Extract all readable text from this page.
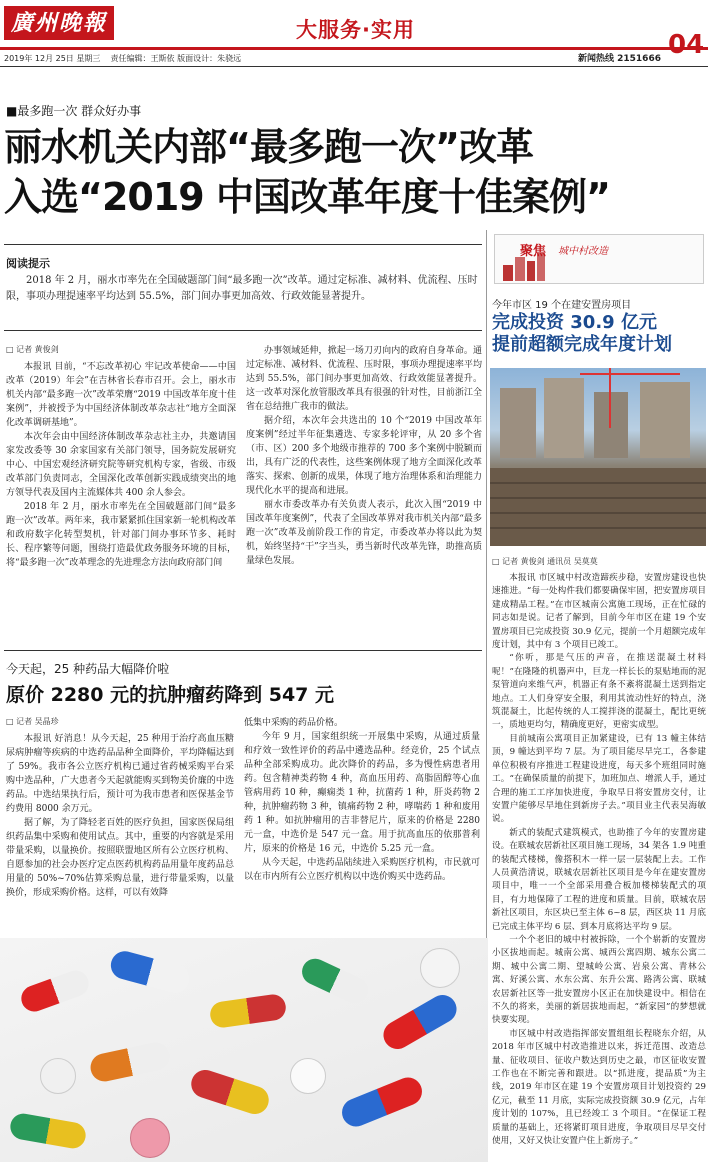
廣州晚報	大服务·实用	04
2019年 12月 25日 星期三 责任编辑：王斯依 版面设计：朱骁远	新闻热线 2151666
■最多跑一次 群众好办事
丽水机关内部“最多跑一次”改革
入选“2019 中国改革年度十佳案例”
阅读提示
2018 年 2 月，丽水市率先在全国破题部门间“最多跑一次”改革。通过定标准、减材料、优流程、压时限，事项办理提速率平均达到 55.5%，部门间办事更加高效、行政效能显著提升。
□ 记者 黄俊剑

本报讯 目前，“不忘改革初心 牢记改革使命——中国改革（2019）年会”在吉林省长春市召开。会上，丽水市机关内部“最多跑一次”改革荣膺“2019 中国改革年度十佳案例”，并被授予为中国经济体制改革杂志社“地方全面深化改革调研基地”。

本次年会由中国经济体制改革杂志社主办，共邀请国家发改委等 30 余家国家有关部门领导，国务院发展研究中心、中国宏观经济研究院等研究机构专家，省级、市级改革部门负责同志，全国深化改革创新实践成绩突出的地方领导代表及国内主流媒体共 400 余人参会。

2018 年 2 月，丽水市率先在全国破题部门间“最多跑一次”改革。两年来，我市紧紧抓住国家新一轮机构改革和政府数字化转型契机，针对部门间办事环节多、耗时长、程序繁等问题，围绕打造最优政务服务环境的目标，将“最多跑一次”改革理念的先进理念方法向政府部门间

办事领域延伸，掀起一场刀刃向内的政府自身革命。通过定标准、减材料、优流程、压时限，事项办理提速率平均达到 55.5%，部门间办事更加高效、行政效能显著提升。这一改革对深化放管服改革具有很强的针对性，目前浙江全省在总结推广我市的做法。

据介绍，本次年会共选出的 10 个“2019 中国改革年度案例”经过半年征集遴选、专家多轮评审，从 20 多个省（市、区）200 多个地级市推荐的 700 多个案例中脱颖而出，具有广泛的代表性，这些案例体现了地方全面深化改革落实、探索、创新的成果，体现了地方治理体系和治理能力现代化水平的提高和进展。

丽水市委改革办有关负责人表示，此次入围“2019 中国改革年度案例”，代表了全国改革界对我市机关内部“最多跑一次”改革及前阶段工作的肯定，市委改革办将以此为契机，始终坚持“干”字当头，勇当新时代改革先锋，助推高质量绿色发展。

聚焦 城中村改造
今年市区 19 个在建安置房项目
完成投资 30.9 亿元
提前超额完成年度计划
□ 记者 黄俊剑 通讯员 吴莫莫

本报讯 市区城中村改造蹄疾步稳，安置房建设也快速推进。“每一处构件我们都要确保牢固，把安置房项目建成精品工程。”在市区城南公寓施工现场，正在忙碌的同志如是说。记者了解到，目前今年市区在建 19 个安置房项目已完成投资 30.9 亿元，提前一个月超额完成年度计划，其中有 3 个项目已竣工。

“你听，那是气压的声音，在推送混凝土材料呢！”在隆隆的机器声中，巨龙一样长长的泵贴地而的泥泵管道向来维气声，机器正有条不紊将混凝土送到指定地点。工人们身穿安全服，利用其流动性好的特点，浇筑混凝土，比起传统的人工搅拌浇的混凝土，配比更统一，质地更均匀，精确度更好，更密实成型。

目前城南公寓项目正加紧建设，已有 13 幢主体结顶，9 幢达到平均 7 层。为了项目能尽早完工，各参建单位积极有序推进工程建设进度，每天多个班组同时施工。“在确保质量的前提下，加班加点、增派人手，通过合理的施工工序加快进度，争取早日将安置房交付，让安置户能够尽早地住到新房子去。”项目业主代表吴海敏说。

新式的装配式建筑模式，也助推了今年的安置房建设。在联城农居新社区项目施工现场，34 架各 1.9 吨重的装配式楼梯，像搭积木一样一层一层装配上去。工作人员黄浩清说，联城农居新社区项目是今年在建安置房项目中，唯一一个全部采用叠合板加楼梯装配式的项目，有力地保障了工程的进度和质量。目前，联城农居新社区项目，东区块已至主体 6~8 层，西区块 11 月底已完成主体平均 6 层、到本月底将达平均 9 层。

一个个老旧的城中村被拆除，一个个崭新的安置房小区拔地而起。城南公寓、城西公寓四期、城东公寓二期、城中公寓二期、望城岭公寓、岩泉公寓、青林公寓、好溪公寓、水东公寓、东升公寓、路湾公寓、联城农居新社区等一批安置房小区正在加快建设中。相信在不久的将来，美丽的新居拔地而起，“新家园”的梦想就快要实现。

市区城中村改造指挥部安置组组长程晓东介绍，从 2018 年市区城中村改造推进以来，拆迁范围、改造总量、征收项目、征收户数达到历史之最，市区征收安置工作也在不断完善和跟进。以“抓进度，提品质”为主线，2019 年市区在建 19 个安置房项目计划投资约 29 亿元，截至 11 月底，实际完成投资额 30.9 亿元，占年度计划的 107%，且已经竣工 3 个项目。“在保证工程质量的基础上，还将紧盯项目进度，争取项目尽早交付使用，又好又快让安置户住上新房子。”

今天起，25 种药品大幅降价啦
原价 2280 元的抗肿瘤药降到 547 元
□ 记者 吴晶珍

本报讯 好消息！从今天起，25 种用于治疗高血压糖尿病肿瘤等疾病的中选药品品种全面降价，平均降幅达到了 59%。我市各公立医疗机构已通过省药械采购平台采购中选品种，广大患者今天起就能购买到物美价廉的中选药品。中选结果执行后，预计可为我市患者和医保基金节约费用 8000 余万元。

据了解，为了降轻老百姓的医疗负担，国家医保局组织药品集中采购和使用试点。其中，重要的内容就是采用带量采购，以量换价。按照联盟地区所有公立医疗机构、自愿参加的社会办医疗定点医药机构药品用量年度药品总用量的 50%~70%估算采购总量，进行带量采购，以量换价，形成采购价格。这样，可以有效降

低集中采购的药品价格。

今年 9 月，国家组织统一开展集中采购，从通过质量和疗效一致性评价的药品中遴选品种。经竞价，25 个试点品种全部采购成功。此次降价的药品，多为慢性病患者用药。包含精神类药物 4 种，高血压用药、高脂固醇等心血管病用药 10 种，癫痫类 1 种，抗菌药 1 种，肝炎药物 2 种，抗肿瘤药物 3 种，镇痛药物 2 种，哮喘药 1 种和废用药 1 种。如抗肿瘤用的吉非替尼片，原来的价格是 2280 元一盒，中选价是 547 元一盒。用于抗高血压的依那普利片，原来的价格是 16 元，中选价 5.25 元一盒。

从今天起，中选药品陆续进入采购医疗机构，市民就可以在市内所有公立医疗机构以中选价购买中选药品。
